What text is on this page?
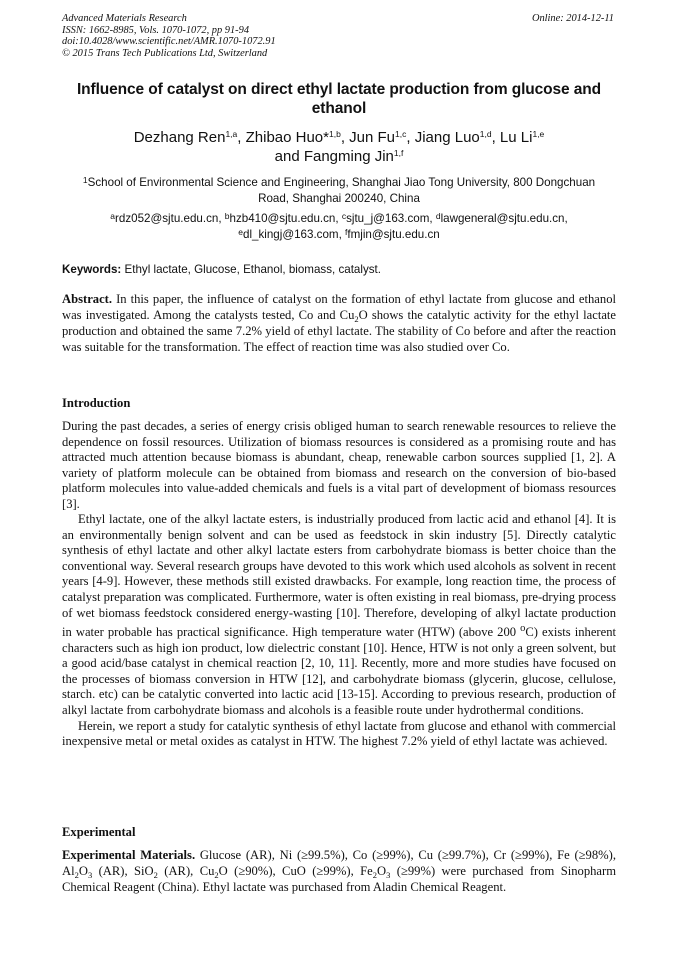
Advanced Materials Research
ISSN: 1662-8985, Vols. 1070-1072, pp 91-94
doi:10.4028/www.scientific.net/AMR.1070-1072.91
© 2015 Trans Tech Publications Ltd, Switzerland
Online: 2014-12-11
Influence of catalyst on direct ethyl lactate production from glucose and
ethanol
Dezhang Ren$^{1,a}$, Zhibao Huo*$^{1,b}$, Jun Fu$^{1,c}$, Jiang Luo$^{1,d}$, Lu Li$^{1,e}$
and Fangming Jin$^{1,f}$
$^1$School of Environmental Science and Engineering, Shanghai Jiao Tong University, 800 Dongchuan
Road, Shanghai 200240, China
$^a$rdz052@sjtu.edu.cn, $^b$hzb410@sjtu.edu.cn, $^c$sjtu_j@163.com, $^d$lawgeneral@sjtu.edu.cn,
$^e$dl_kingj@163.com, $^f$fmjin@sjtu.edu.cn
Keywords: Ethyl lactate, Glucose, Ethanol, biomass, catalyst.

Abstract. In this paper, the influence of catalyst on the formation of ethyl lactate from glucose and ethanol was investigated. Among the catalysts tested, Co and $Cu_2O$ shows the catalytic activity for the ethyl lactate production and obtained the same 7.2% yield of ethyl lactate. The stability of Co before and after the reaction was suitable for the transformation. The effect of reaction time was also studied over Co.

Introduction

During the past decades, a series of energy crisis obliged human to search renewable resources to relieve the dependence on fossil resources. Utilization of biomass resources is considered as a promising route and has attracted much attention because biomass is abundant, cheap, renewable carbon sources supplied [1, 2]. A variety of platform molecule can be obtained from biomass and research on the conversion of bio-based platform molecules into value-added chemicals and fuels is a vital part of development of biomass resources [3].

Ethyl lactate, one of the alkyl lactate esters, is industrially produced from lactic acid and ethanol [4]. It is an environmentally benign solvent and can be used as feedstock in skin industry [5]. Directly catalytic synthesis of ethyl lactate and other alkyl lactate esters from carbohydrate biomass is better choice than the conventional way. Several research groups have devoted to this work which used alcohols as solvent in recent years [4-9]. However, these methods still existed drawbacks. For example, long reaction time, the process of catalyst preparation was complicated. Furthermore, water is often existing in real biomass, pre-drying process of wet biomass feedstock considered energy-wasting [10]. Therefore, developing of alkyl lactate production in water probable has practical significance. High temperature water (HTW) (above 200 $^o$C) exists inherent characters such as high ion product, low dielectric constant [10]. Hence, HTW is not only a green solvent, but a good acid/base catalyst in chemical reaction [2, 10, 11]. Recently, more and more studies have focused on the processes of biomass conversion in HTW [12], and carbohydrate biomass (glycerin, glucose, cellulose, starch. etc) can be catalytic converted into lactic acid [13-15]. According to previous research, production of alkyl lactate from carbohydrate biomass and alcohols is a feasible route under hydrothermal conditions.

Herein, we report a study for catalytic synthesis of ethyl lactate from glucose and ethanol with commercial inexpensive metal or metal oxides as catalyst in HTW. The highest 7.2% yield of ethyl lactate was achieved.

Experimental

Experimental Materials. Glucose (AR), Ni (≥99.5%), Co (≥99%), Cu (≥99.7%), Cr (≥99%), Fe (≥98%), $Al_2O_3$ (AR), SiO$_2$ (AR), $Cu_2O$ (≥90%), CuO (≥99%), $Fe_2O_3$ (≥99%) were purchased from Sinopharm Chemical Reagent (China). Ethyl lactate was purchased from Aladin Chemical Reagent.
